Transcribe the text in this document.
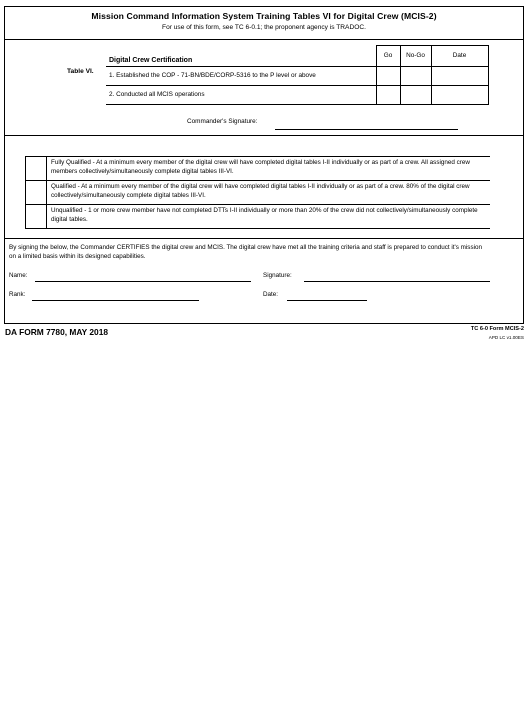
Mission Command Information System Training Tables VI for Digital Crew (MCIS-2)
For use of this form, see TC 6-0.1; the proponent agency is TRADOC.
Table VI.
Digital Crew Certification	Go	No-Go	Date
1. Established the COP - 71-BN/BDE/CORP-5316 to the P level or above			
2. Conducted all MCIS operations			
Commander's Signature:
	Fully Qualified - At a minimum every member of the digital crew will have completed digital tables I-II individually or as part of a crew. All assigned crew members collectively/simultaneously complete digital tables III-VI.
	Qualified - At a minimum every member of the digital crew will have completed digital tables I-II individually or as part of a crew. 80% of the digital crew collectively/simultaneously complete digital tables III-VI.
	Unqualified - 1 or more crew member have not completed DTTs I-II individually or more than 20% of the crew did not collectively/simultaneously complete digital tables.
By signing the below, the Commander CERTIFIES the digital crew and MCIS. The digital crew have met all the training criteria and staff is prepared to conduct it's mission on a limited basis within its designed capabilities.
Name:	Signature:
Rank:	Date:
DA FORM 7780, MAY 2018	TC 6-0 Form MCIS-2
APD LC v1.00ES
